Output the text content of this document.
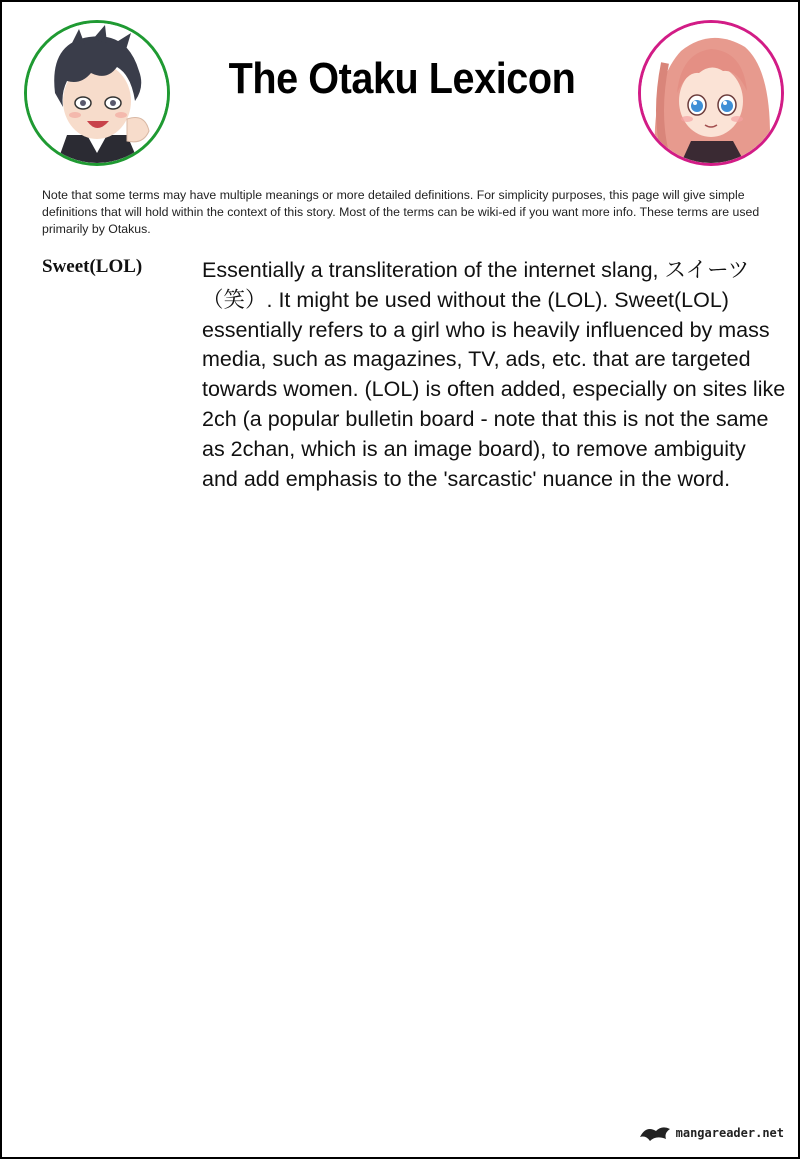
The Otaku Lexicon

Note that some terms may have multiple meanings or more detailed definitions. For simplicity purposes, this page will give simple definitions that will hold within the context of this story. Most of the terms can be wiki-ed if you want more info. These terms are used primarily by Otakus.

Sweet(LOL)	Essentially a transliteration of the internet slang, スイーツ（笑）. It might be used without the (LOL). Sweet(LOL) essentially refers to a girl who is heavily influenced by mass media, such as magazines, TV, ads, etc. that are targeted towards women. (LOL) is often added, especially on sites like 2ch (a popular bulletin board - note that this is not the same as 2chan, which is an image board), to remove ambiguity and add emphasis to the 'sarcastic' nuance in the word.

mangareader.net
